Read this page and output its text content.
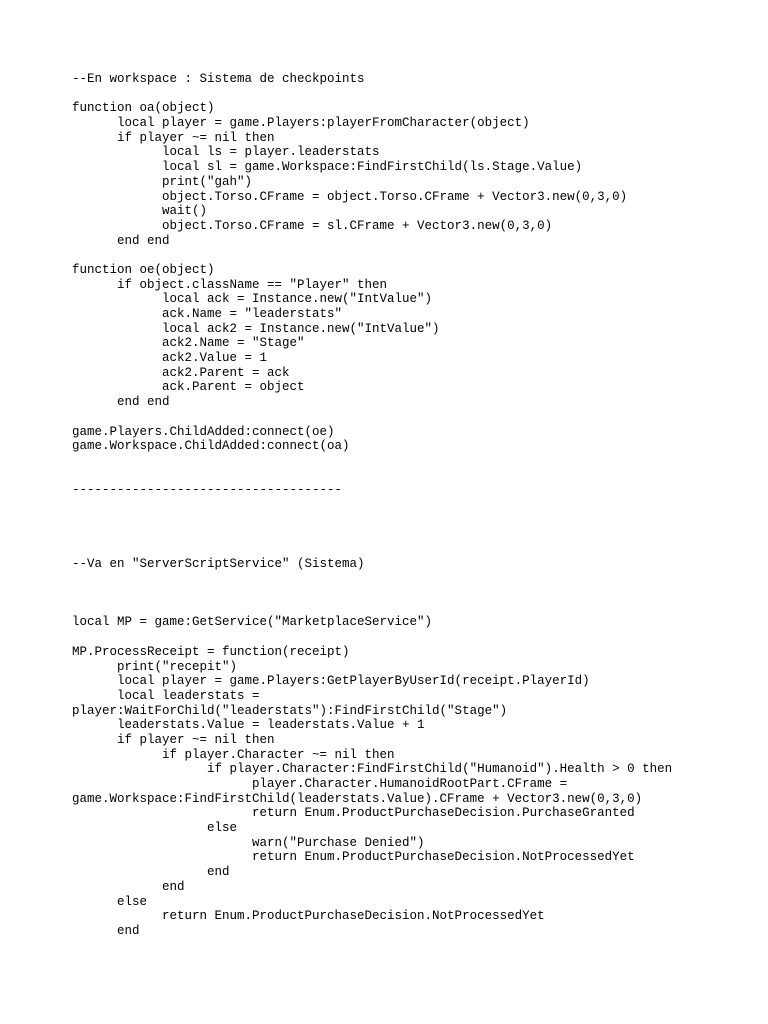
--En workspace : Sistema de checkpoints
function oa(object)
local player = game.Players:playerFromCharacter(object)
if player ~= nil then
local ls = player.leaderstats
local sl = game.Workspace:FindFirstChild(ls.Stage.Value)
print("gah")
object.Torso.CFrame = object.Torso.CFrame + Vector3.new(0,3,0)
wait()
object.Torso.CFrame = sl.CFrame + Vector3.new(0,3,0)
end end
function oe(object)
if object.className == "Player" then
local ack = Instance.new("IntValue")
ack.Name = "leaderstats"
local ack2 = Instance.new("IntValue")
ack2.Name = "Stage"
ack2.Value = 1
ack2.Parent = ack
ack.Parent = object
end end
game.Players.ChildAdded:connect(oe)
game.Workspace.ChildAdded:connect(oa)
------------------------------------
--Va en "ServerScriptService" (Sistema)
local MP = game:GetService("MarketplaceService")
MP.ProcessReceipt = function(receipt)
print("recepit")
local player = game.Players:GetPlayerByUserId(receipt.PlayerId)
local leaderstats =
player:WaitForChild("leaderstats"):FindFirstChild("Stage")
leaderstats.Value = leaderstats.Value + 1
if player ~= nil then
if player.Character ~= nil then
if player.Character:FindFirstChild("Humanoid").Health > 0 then
player.Character.HumanoidRootPart.CFrame =
game.Workspace:FindFirstChild(leaderstats.Value).CFrame + Vector3.new(0,3,0)
return Enum.ProductPurchaseDecision.PurchaseGranted
else
warn("Purchase Denied")
return Enum.ProductPurchaseDecision.NotProcessedYet
end
end
else
return Enum.ProductPurchaseDecision.NotProcessedYet
end
